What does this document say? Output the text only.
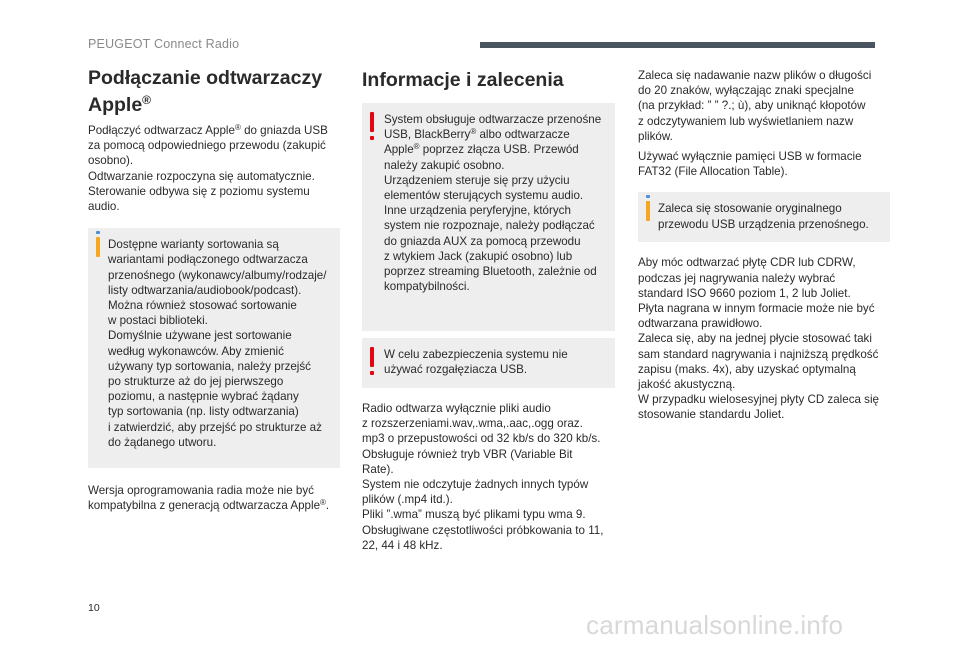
PEUGEOT Connect Radio
Podłączanie odtwarzaczy
Apple®

Podłączyć odtwarzacz Apple® do gniazda USB
za pomocą odpowiedniego przewodu (zakupić
osobno).
Odtwarzanie rozpoczyna się automatycznie.
Sterowanie odbywa się z poziomu systemu
audio.

Dostępne warianty sortowania są
wariantami podłączonego odtwarzacza
przenośnego (wykonawcy/albumy/rodzaje/
listy odtwarzania/audiobook/podcast).
Można również stosować sortowanie
w postaci biblioteki.
Domyślnie używane jest sortowanie
według wykonawców. Aby zmienić
używany typ sortowania, należy przejść
po strukturze aż do jej pierwszego
poziomu, a następnie wybrać żądany
typ sortowania (np. listy odtwarzania)
i zatwierdzić, aby przejść po strukturze aż
do żądanego utworu.

Wersja oprogramowania radia może nie być
kompatybilna z generacją odtwarzacza Apple®.

Informacje i zalecenia

System obsługuje odtwarzacze przenośne
USB, BlackBerry® albo odtwarzacze
Apple® poprzez złącza USB. Przewód
należy zakupić osobno.
Urządzeniem steruje się przy użyciu
elementów sterujących systemu audio.
Inne urządzenia peryferyjne, których
system nie rozpoznaje, należy podłączać
do gniazda AUX za pomocą przewodu
z wtykiem Jack (zakupić osobno) lub
poprzez streaming Bluetooth, zależnie od
kompatybilności.

W celu zabezpieczenia systemu nie
używać rozgałęziacza USB.

Radio odtwarza wyłącznie pliki audio
z rozszerzeniami.wav,.wma,.aac,.ogg oraz.
mp3 o przepustowości od 32 kb/s do 320 kb/s.
Obsługuje również tryb VBR (Variable Bit
Rate).
System nie odczytuje żadnych innych typów
plików (.mp4 itd.).
Pliki ”.wma” muszą być plikami typu wma 9.
Obsługiwane częstotliwości próbkowania to 11,
22, 44 i 48 kHz.

Zaleca się nadawanie nazw plików o długości
do 20 znaków, wyłączając znaki specjalne
(na przykład: ” ” ?.; ù), aby uniknąć kłopotów
z odczytywaniem lub wyświetlaniem nazw
plików.

Używać wyłącznie pamięci USB w formacie
FAT32 (File Allocation Table).

Zaleca się stosowanie oryginalnego
przewodu USB urządzenia przenośnego.

Aby móc odtwarzać płytę CDR lub CDRW,
podczas jej nagrywania należy wybrać
standard ISO 9660 poziom 1, 2 lub Joliet.
Płyta nagrana w innym formacie może nie być
odtwarzana prawidłowo.
Zaleca się, aby na jednej płycie stosować taki
sam standard nagrywania i najniższą prędkość
zapisu (maks. 4x), aby uzyskać optymalną
jakość akustyczną.
W przypadku wielosesyjnej płyty CD zaleca się
stosowanie standardu Joliet.

10
carmanualsonline.info
